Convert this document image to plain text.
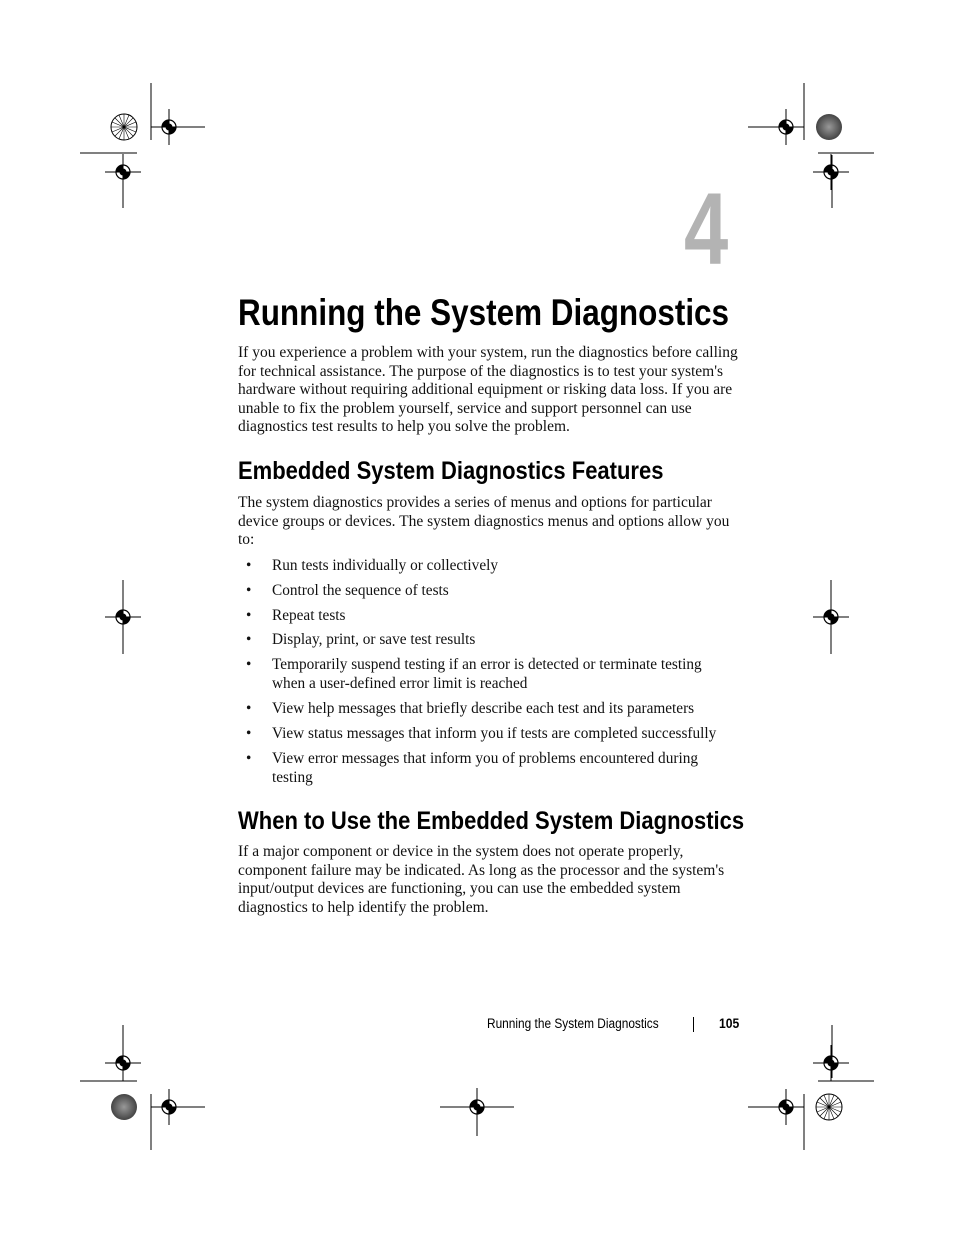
4
Running the System Diagnostics

If you experience a problem with your system, run the diagnostics before calling for technical assistance. The purpose of the diagnostics is to test your system's hardware without requiring additional equipment or risking data loss. If you are unable to fix the problem yourself, service and support personnel can use diagnostics test results to help you solve the problem.

Embedded System Diagnostics Features

The system diagnostics provides a series of menus and options for particular device groups or devices. The system diagnostics menus and options allow you to:

• Run tests individually or collectively
• Control the sequence of tests
• Repeat tests
• Display, print, or save test results
• Temporarily suspend testing if an error is detected or terminate testing when a user-defined error limit is reached
• View help messages that briefly describe each test and its parameters
• View status messages that inform you if tests are completed successfully
• View error messages that inform you of problems encountered during testing
When to Use the Embedded System Diagnostics

If a major component or device in the system does not operate properly, component failure may be indicated. As long as the processor and the system's input/output devices are functioning, you can use the embedded system diagnostics to help identify the problem.

Running the System Diagnostics	105
